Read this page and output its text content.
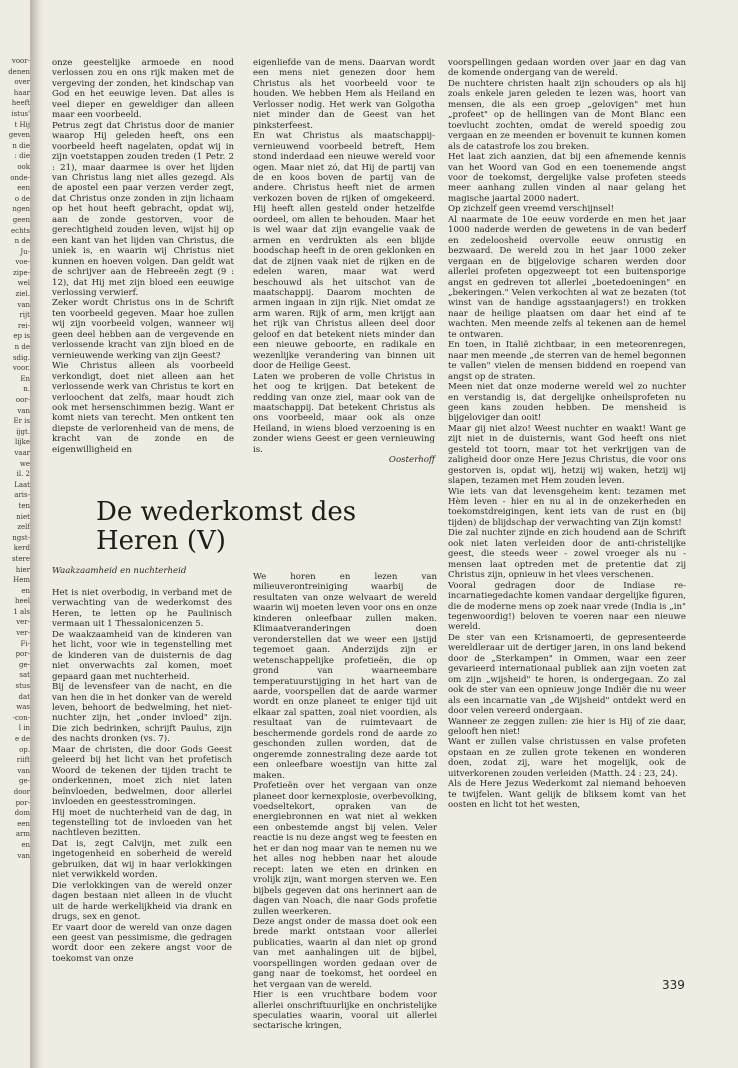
voor-
denen
over
haar
heeft
istus'
t Hij
geven
n die
: die
ook
onde-
een
o de
ngen
geen
echts
n de
Ju-
voe-
zipe-
wel
ziel.
van
rijt
rei-
ep is
n de
sdig.
voor.
En
n.
oor-
van
Er is
ijgt.
lijke
vaar
we
il. 2
Laat
aris-
ten
niet
zelf
ngst-
kerd
stere
hier
Hem
en
heel
1 als
ver-
ver-
Fi-
por-
ge-
sat
stus
dat
was
-con-
l in
e de
op.
riift
van
ge-
door
por-
dom
een
arm
en
van

onze geestelijke armoede en nood verlossen zou en ons rijk maken met de vergeving der zonden, het kindschap van God en het eeuwige leven. Dat alles is veel dieper en geweldiger dan alleen maar een voorbeeld.

Petrus zegt dat Christus door de manier waarop Hij geleden heeft, ons een voorbeeld heeft nagelaten, opdat wij in zijn voetstappen zouden treden (1 Petr. 2 : 21), maar daarmee is over het lijden van Christus lang niet alles gezegd. Als de apostel een paar verzen verder zegt, dat Christus onze zonden in zijn lichaam op het hout heeft gebracht, opdat wij, aan de zonde gestorven, voor de gerechtigheid zouden leven, wijst hij op een kant van het lijden van Christus, die uniek is, en waarin wij Christus niet kunnen en hoeven volgen. Dan geldt wat de schrijver aan de Hebreeën zegt (9 : 12), dat Hij met zijn bloed een eeuwige verlossing verwierf.

Zeker wordt Christus ons in de Schrift ten voorbeeld gegeven. Maar hoe zullen wij zijn voorbeeld volgen, wanneer wij geen deel hebben aan de vergevende en verlossende kracht van zijn bloed en de vernieuwende werking van zijn Geest?

Wie Christus alleen als voorbeeld verkondigt, doet niet alleen aan het verlossende werk van Christus te kort en verloochent dat zelfs, maar houdt zich ook met hersenschimmen bezig. Want er komt niets van terecht. Men ontkent ten diepste de verlorenheid van de mens, de kracht van de zonde en de eigenwilligheid en

eigenliefde van de mens. Daarvan wordt een mens niet genezen door hem Christus als het voorbeeld voor te houden. We hebben Hem als Heiland en Verlosser nodig. Het werk van Golgotha niet minder dan de Geest van het pinksterfeest.

En wat Christus als maatschappij-vernieuwend voorbeeld betreft, Hem stond inderdaad een nieuwe wereld voor ogen. Maar niet zó, dat Hij de partij van de en koos boven de partij van de andere. Christus heeft niet de armen verkozen boven de rijken of omgekeerd. Hij heeft allen gesteld onder hetzelfde oordeel, om allen te behouden. Maar het is wel waar dat zijn evangelie vaak de armen en verdrukten als een blijde boodschap heeft in de oren geklonken en dat de zijnen vaak niet de rijken en de edelen waren, maar wat werd beschouwd als het uitschot van de maatschappij. Daarom mochten de armen ingaan in zijn rijk. Niet omdat ze arm waren. Rijk of arm, men krijgt aan het rijk van Christus alleen deel door geloof en dat betekent niets minder dan een nieuwe geboorte, en radikale en wezenlijke verandering van binnen uit door de Heilige Geest.

Laten we proberen de volle Christus in het oog te krijgen. Dat betekent de redding van onze ziel, maar ook van de maatschappij. Dat betekent Christus als ons voorbeeld, maar ook als onze Heiland, in wiens bloed verzoening is en zonder wiens Geest er geen vernieuwing is.

Oosterhoff

De wederkomst des Heren (V)
Waakzaamheid en nuchterheid

Het is niet overbodig, in verband met de verwachting van de wederkomst des Heren, te letten op he Paulinisch vermaan uit 1 Thessalonicenzen 5.

De waakzaamheid van de kinderen van het licht, voor wie in tegenstelling met de kinderen van de duisternis de dag niet onverwachts zal komen, moet gepaard gaan met nuchterheid.

Bij de levensfeer van de nacht, en die van hen die in het donker van de wereld leven, behoort de bedwelming, het niet-nuchter zijn, het „onder invloed" zijn. Die zich bedrinken, schrijft Paulus, zijn des nachts dronken (vs. 7).

Maar de christen, die door Gods Geest geleerd bij het licht van het profetisch Woord de tekenen der tijden tracht te onderkennen, moet zich niet laten beïnvloeden, bedwelmen, door allerlei invloeden en geestesstromingen.

Hij moet de nuchterheid van de dag, in tegenstelling tot de invloeden van het nachtleven bezitten.

Dat is, zegt Calvijn, met zulk een ingetogenheid en soberheid de wereld gebruiken, dat wij in haar verlokkingen niet verwikkeld worden.

Die verlokkingen van de wereld onzer dagen bestaan niet alleen in de vlucht uit de harde werkelijkheid via drank en drugs, sex en genot.

Er vaart door de wereld van onze dagen een geest van pessimisme, die gedragen wordt door een zekere angst voor de toekomst van onze

We horen en lezen van milieuverontreiniging waarbij de resultaten van onze welvaart de wereld waarin wij moeten leven voor ons en onze kinderen onleefbaar zullen maken. Klimaatveranderingen doen veronderstellen dat we weer een ijstijd tegemoet gaan. Anderzijds zijn er wetenschappelijke profetieën, die op grond van waarneembare temperatuurstijging in het hart van de aarde, voorspellen dat de aarde warmer wordt en onze planeet te eniger tijd uit elkaar zal spatten, zoal niet voordien, als resultaat van de ruimtevaart de beschermende gordels rond de aarde zo geschonden zullen worden, dat de ongeremde zonnestraling deze aarde tot een onleefbare woestijn van hitte zal maken.

Profetieën over het vergaan van onze planeet door kernexplosie, overbevolking, voedseltekort, opraken van de energiebronnen en wat niet al wekken een onbestemde angst bij velen. Veler reactie is nu deze angst weg te feesten en het er dan nog maar van te nemen nu we het alles nog hebben naar het aloude recept: laten we eten en drinken en vrolijk zijn, want morgen sterven we. Een bijbels gegeven dat ons herinnert aan de dagen van Noach, die naar Gods profetie zullen weerkeren.

Deze angst onder de massa doet ook een brede markt ontstaan voor allerlei publicaties, waarin al dan niet op grond van met aanhalingen uit de bijbel, voorspellingen worden gedaan over de gang naar de toekomst, het oordeel en het vergaan van de wereld.

Hier is een vruchtbare bodem voor allerlei onschriftuurlijke en onchristelijke speculaties waarin, vooral uit allerlei sectarische kringen,

voorspellingen gedaan worden over jaar en dag van de komende ondergang van de wereld.

De nuchtere christen haalt zijn schouders op als hij zoals enkele jaren geleden te lezen was, hoort van mensen, die als een groep „gelovigen" met hun „profeet" op de hellingen van de Mont Blanc een toevlucht zochten, omdat de wereld spoedig zou vergaan en ze meenden er bovenuit te kunnen komen als de catastrofe los zou breken.

Het laat zich aanzien, dat bij een afnemende kennis van het Woord van God en een toenemende angst voor de toekomst, dergelijke valse profeten steeds meer aanhang zullen vinden al naar gelang het magische jaartal 2000 nadert.

Op zichzelf geen vreemd verschijnsel!

Al naarmate de 10e eeuw vorderde en men het jaar 1000 naderde werden de gewetens in de van bederf en zedeloosheid overvolle eeuw onrustig en bezwaard. De wereld zou in het jaar 1000 zeker vergaan en de bijgelovige scharen werden door allerlei profeten opgezweept tot een buitensporige angst en gedreven tot allerlei „boetedoeningen" en „bekeringen." Velen verkochten al wat ze bezaten (tot winst van de handige agsstaanjagers!) en trokken naar de heilige plaatsen om daar het eind af te wachten. Men meende zelfs al tekenen aan de hemel te ontwaren.

En toen, in Italië zichtbaar, in een meteorenregen, naar men meende „de sterren van de hemel begonnen te vallen" vielen de mensen biddend en roepend van angst op de straten.

Meen niet dat onze moderne wereld wel zo nuchter en verstandig is, dat dergelijke onheilsprofeten nu geen kans zouden hebben. De mensheid is bijgeloviger dan ooit!

Maar gij niet alzo! Weest nuchter en waakt! Want ge zijt niet in de duisternis, want God heeft ons niet gesteld tot toorn, maar tot het verkrijgen van de zaligheid door onze Here Jezus Christus, die voor ons gestorven is, opdat wij, hetzij wij waken, hetzij wij slapen, tezamen met Hem zouden leven.

Wie iets van dat levensgeheim kent: tezamen met Hèm leven - hier en nu al in de onzekerheden en toekomstdreigingen, kent iets van de rust en (bij tijden) de blijdschap der verwachting van Zijn komst!

Die zal nuchter zijnde en zich houdend aan de Schrift ook niet laten verleiden door de anti-christelijke geest, die steeds weer - zowel vroeger als nu - mensen laat optreden met de pretentie dat zij Christus zijn, opnieuw in het vlees verschenen.

Vooral gedragen door de Indiase re-incarnatiegedachte komen vandaar dergelijke figuren, die de moderne mens op zoek naar vrede (India is „in" tegenwoordig!) beloven te voeren naar een nieuwe wereld.

De ster van een Krisnamoerti, de gepresenteerde wereldleraar uit de dertiger jaren, in ons land bekend door de „Sterkampen" in Ommen, waar een zeer gevarieerd internationaal publiek aan zijn voeten zat om zijn „wijsheid" te horen, is ondergegaan. Zo zal ook de ster van een opnieuw jonge Indiër die nu weer als een incarnatie van „de Wijsheid" ontdekt werd en door velen vereerd ondergaan.

Wanneer ze zeggen zullen: zie hier is Hij of zie daar, gelooft hen niet!

Want er zullen valse christussen en valse profeten opstaan en ze zullen grote tekenen en wonderen doen, zodat zij, ware het mogelijk, ook de uitverkorenen zouden verleiden (Matth. 24 : 23, 24).

Als de Here Jezus Wederkomt zal niemand behoeven te twijfelen. Want gelijk de bliksem komt van het oosten en licht tot het westen,

339
